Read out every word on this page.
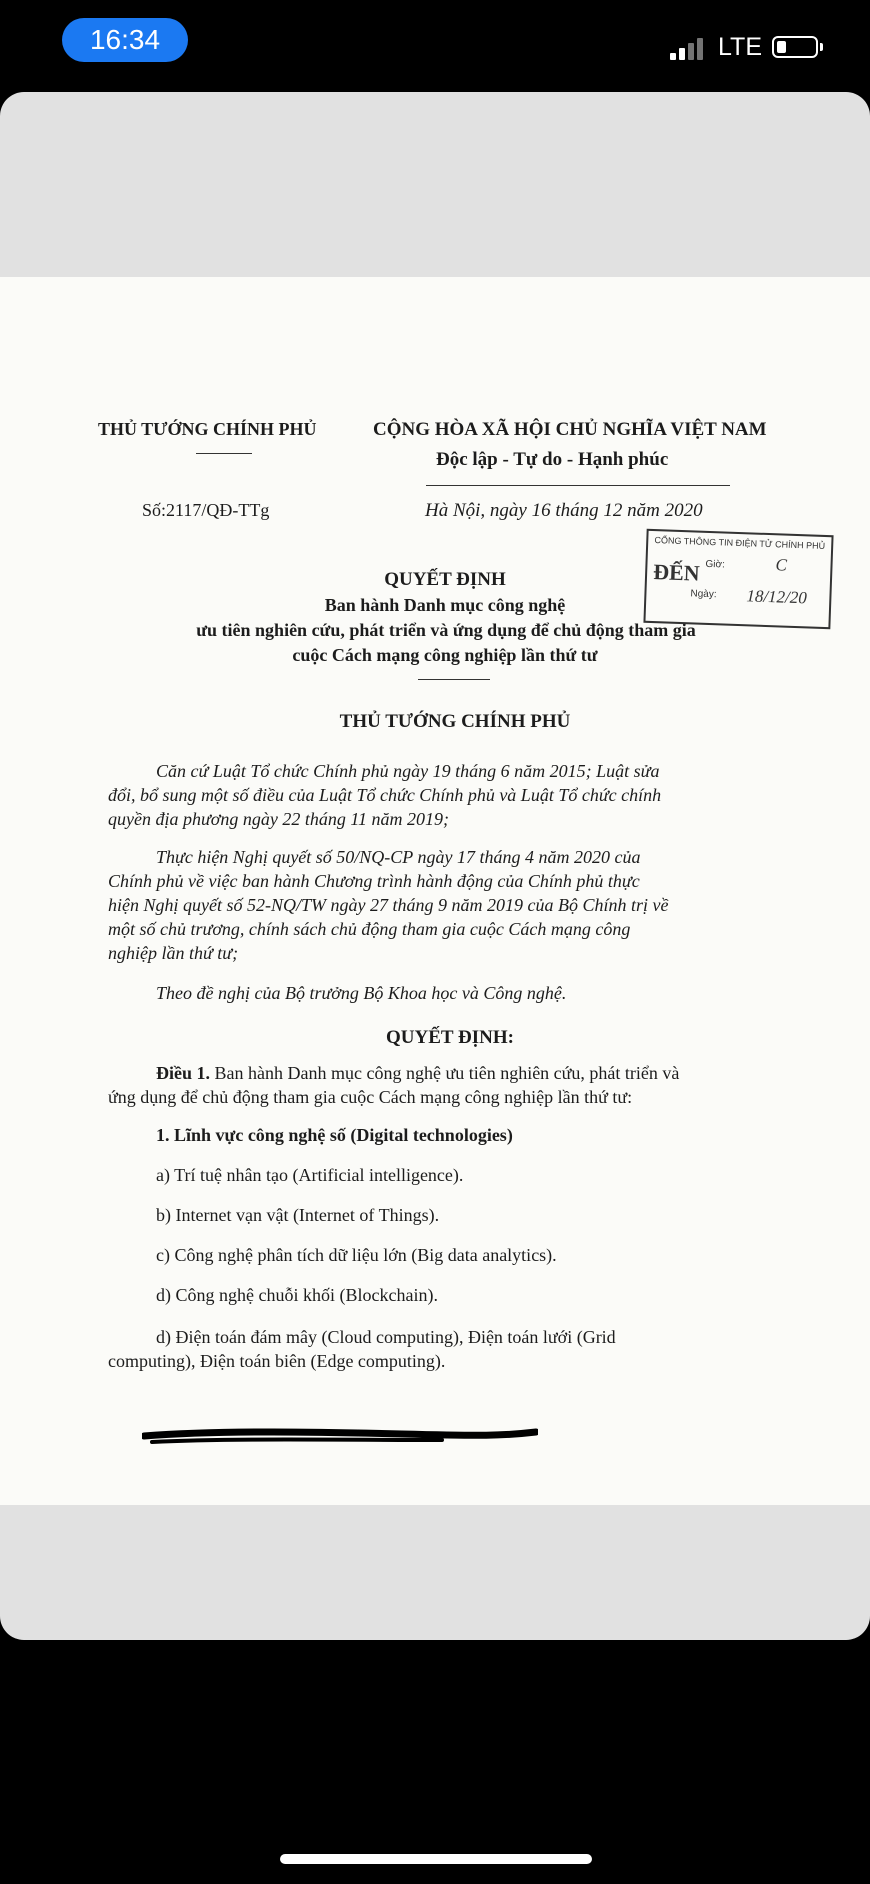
16:34	LTE
THỦ TƯỚNG CHÍNH PHỦ	CỘNG HÒA XÃ HỘI CHỦ NGHĨA VIỆT NAM
Độc lập - Tự do - Hạnh phúc
Số:2117/QĐ-TTg	Hà Nội, ngày 16 tháng 12 năm 2020
QUYẾT ĐỊNH
Ban hành Danh mục công nghệ
ưu tiên nghiên cứu, phát triển và ứng dụng để chủ động tham gia
cuộc Cách mạng công nghiệp lần thứ tư
THỦ TƯỚNG CHÍNH PHỦ
Căn cứ Luật Tổ chức Chính phủ ngày 19 tháng 6 năm 2015; Luật sửa
đổi, bổ sung một số điều của Luật Tổ chức Chính phủ và Luật Tổ chức chính
quyền địa phương ngày 22 tháng 11 năm 2019;
Thực hiện Nghị quyết số 50/NQ-CP ngày 17 tháng 4 năm 2020 của
Chính phủ về việc ban hành Chương trình hành động của Chính phủ thực
hiện Nghị quyết số 52-NQ/TW ngày 27 tháng 9 năm 2019 của Bộ Chính trị về
một số chủ trương, chính sách chủ động tham gia cuộc Cách mạng công
nghiệp lần thứ tư;
Theo đề nghị của Bộ trưởng Bộ Khoa học và Công nghệ.
QUYẾT ĐỊNH:
Điều 1. Ban hành Danh mục công nghệ ưu tiên nghiên cứu, phát triển và
ứng dụng để chủ động tham gia cuộc Cách mạng công nghiệp lần thứ tư:
1. Lĩnh vực công nghệ số (Digital technologies)
a) Trí tuệ nhân tạo (Artificial intelligence).
b) Internet vạn vật (Internet of Things).
c) Công nghệ phân tích dữ liệu lớn (Big data analytics).
d) Công nghệ chuỗi khối (Blockchain).
d) Điện toán đám mây (Cloud computing), Điện toán lưới (Grid
computing), Điện toán biên (Edge computing).
CỔNG THÔNG TIN ĐIỆN TỬ CHÍNH PHỦ
ĐẾN Giờ:	C
Ngày: 18/12/20
